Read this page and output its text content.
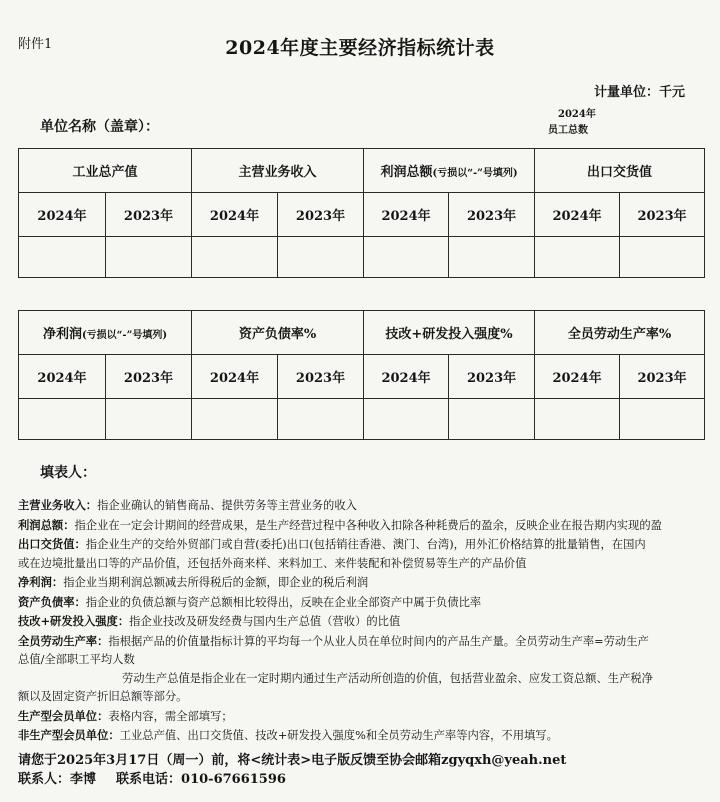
附件1	2024年度主要经济指标统计表
计量单位：千元
单位名称（盖章）：
2024年
员工总数
工业总产值		主营业务收入		利润总额(亏损以“-”号填列)		出口交货值	
2024年	2023年	2024年	2023年	2024年	2023年	2024年	2023年

净利润(亏损以“-”号填列)		资产负债率%		技改+研发投入强度%		全员劳动生产率%	
2024年	2023年	2024年	2023年	2024年	2023年	2024年	2023年

填表人：

主营业务收入：指企业确认的销售商品、提供劳务等主营业务的收入

利润总额：指企业在一定会计期间的经营成果，是生产经营过程中各种收入扣除各种耗费后的盈余，反映企业在报告期内实现的盈

出口交货值：指企业生产的交给外贸部门或自营(委托)出口(包括销往香港、澳门、台湾)，用外汇价格结算的批量销售，在国内

或在边境批量出口等的产品价值，还包括外商来样、来料加工、来件装配和补偿贸易等生产的产品价值

净利润：指企业当期利润总额减去所得税后的金额，即企业的税后利润

资产负债率：指企业的负债总额与资产总额相比较得出，反映在企业全部资产中属于负债比率

技改+研发投入强度：指企业技改及研发经费与国内生产总值（营收）的比值

全员劳动生产率：指根据产品的价值量指标计算的平均每一个从业人员在单位时间内的产品生产量。全员劳动生产率=劳动生产

总值/全部职工平均人数

劳动生产总值是指企业在一定时期内通过生产活动所创造的价值，包括营业盈余、应发工资总额、生产税净

额以及固定资产折旧总额等部分。

生产型会员单位：表格内容，需全部填写；

非生产型会员单位：工业总产值、出口交货值、技改+研发投入强度%和全员劳动生产率等内容，不用填写。

请您于2025年3月17日（周一）前，将<统计表>电子版反馈至协会邮箱zgyqxh@yeah.net

联系人：李博 联系电话：010-67661596
